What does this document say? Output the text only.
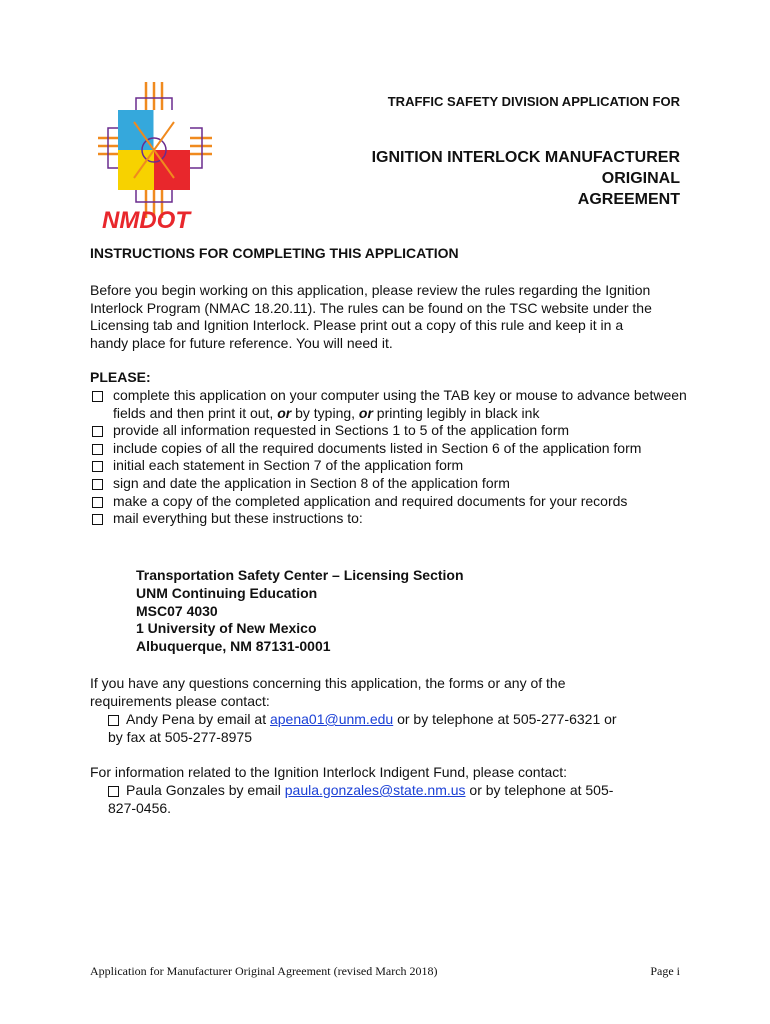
NMDOT
TRAFFIC SAFETY DIVISION APPLICATION FOR
IGNITION INTERLOCK MANUFACTURER
ORIGINAL
AGREEMENT
INSTRUCTIONS FOR COMPLETING THIS APPLICATION
Before you begin working on this application, please review the rules regarding the Ignition Interlock Program (NMAC 18.20.11). The rules can be found on the TSC website under the Licensing tab and Ignition Interlock. Please print out a copy of this rule and keep it in a handy place for future reference. You will need it.
PLEASE:
complete this application on your computer using the TAB key or mouse to advance between fields and then print it out, or by typing, or printing legibly in black ink
provide all information requested in Sections 1 to 5 of the application form
include copies of all the required documents listed in Section 6 of the application form
initial each statement in Section 7 of the application form
sign and date the application in Section 8 of the application form
make a copy of the completed application and required documents for your records
mail everything but these instructions to:
Transportation Safety Center – Licensing Section
UNM Continuing Education
MSC07 4030
1 University of New Mexico
Albuquerque, NM 87131-0001
If you have any questions concerning this application, the forms or any of the requirements please contact:
Andy Pena by email at apena01@unm.edu or by telephone at 505-277-6321 or
by fax at 505-277-8975
For information related to the Ignition Interlock Indigent Fund, please contact:
Paula Gonzales by email paula.gonzales@state.nm.us or by telephone at 505-
827-0456.
Application for Manufacturer Original Agreement (revised March 2018)	Page i
